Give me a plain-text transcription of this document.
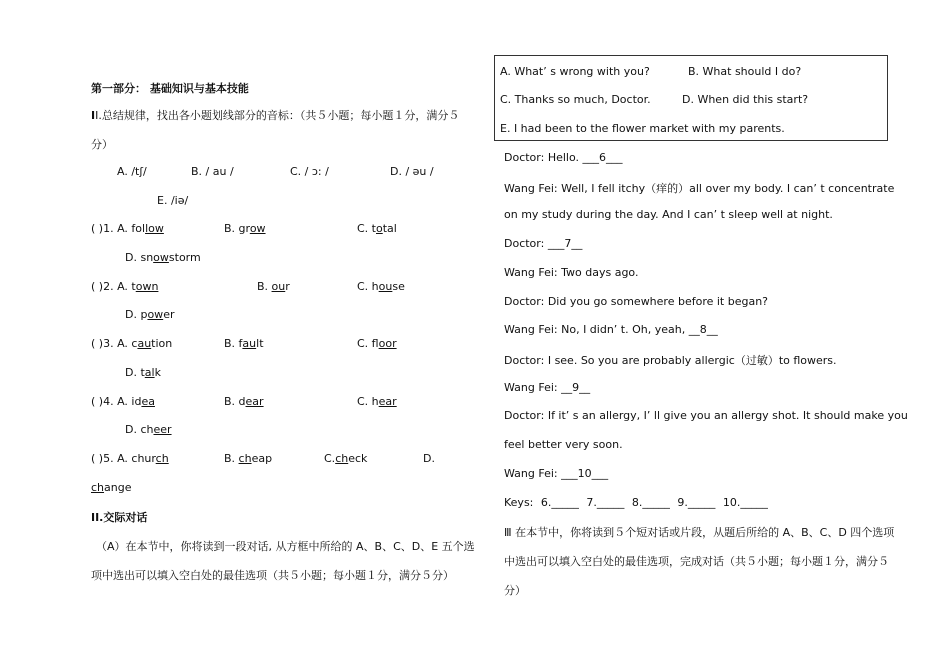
第一部分： 基础知识与基本技能
ⅠⅠ.总结规律，找出各小题划线部分的音标：（共５小题；每小题１分，满分５
分）
A. /tʃ/	B. / au /	C. / ɔ: /	D. / əu /
E. /iə/
( )1. A. follow	B. grow	C. total
D. snowstorm
( )2. A. town	B. our	C. house
D. power
( )3. A. caution	B. fault	C. floor
D. talk
( )4. A. idea	B. dear	C. hear
D. cheer
( )5. A. church	B. cheap	C.check	D.
change
II.交际对话
（A）在本节中，你将读到一段对话, 从方框中所给的 A、B、C、D、E 五个选
项中选出可以填入空白处的最佳选项（共５小题；每小题１分，满分５分）
A. What’ s wrong with you?	B. What should I do?
C. Thanks so much, Doctor.	D. When did this start?
E. I had been to the flower market with my parents.
Doctor: Hello. ___6___
Wang Fei: Well, I fell itchy（痒的）all over my body. I can’ t concentrate
on my study during the day. And I can’ t sleep well at night.
Doctor: ___7__
Wang Fei: Two days ago.
Doctor: Did you go somewhere before it began?
Wang Fei: No, I didn’ t. Oh, yeah, __8__
Doctor: I see. So you are probably allergic（过敏）to flowers.
Wang Fei: __9__
Doctor: If it’ s an allergy, I’ ll give you an allergy shot. It should make you
feel better very soon.
Wang Fei: ___10___
Keys: 6._____ 7._____ 8._____ 9._____ 10._____
Ⅲ 在本节中，你将读到５个短对话或片段，从题后所给的 A、B、C、D 四个选项
中选出可以填入空白处的最佳选项，完成对话（共５小题；每小题１分，满分５
分）
